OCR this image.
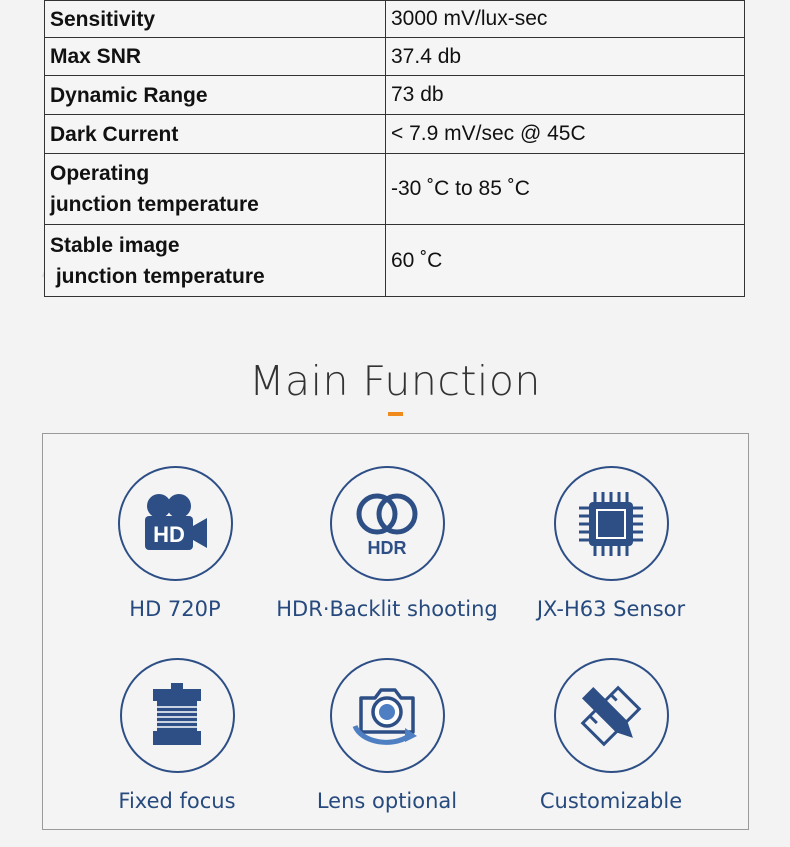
Sensitivity	3000 mV/lux-sec
Max SNR	37.4 db
Dynamic Range	73 db
Dark Current	< 7.9 mV/sec @ 45C

Operating
junction temperature	-30 ˚C to 85 ˚C

Stable image
junction temperature	60 ˚C
Main Function
HD
HD 720P
HDR
HDR·Backlit shooting	JX-H63 Sensor
Fixed focus	Lens optional	Customizable
